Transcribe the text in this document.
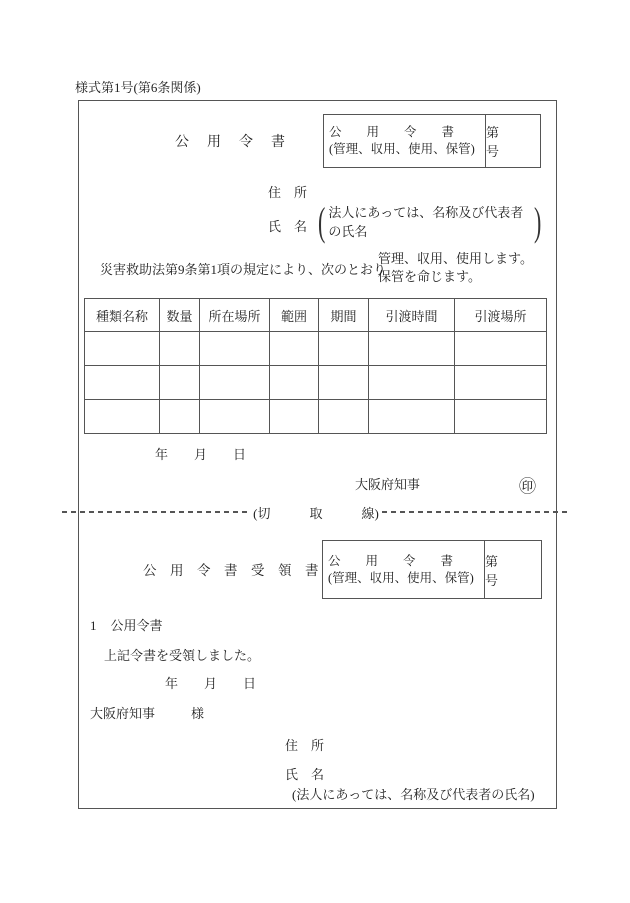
様式第1号(第6条関係)
公　用　令　書
公　　用　　令　　書
(管理、収用、使用、保管)
第　　　号
住　所
氏　名 ( 法人にあっては、名称及び代表者の氏名	)
災害救助法第9条第1項の規定により、次のとおり
管理、収用、使用します。
保管を命じます。
種類名称	数量	所在場所	範囲	期間	引渡時間	引渡場所

年　　月　　日
大阪府知事	㊞
(切　　　取　　　線)
公　用　令　書　受　領　書
公　　用　　令　　書
(管理、収用、使用、保管)
第　　　号
1 公用令書
上記令書を受領しました。
年　　月　　日
大阪府知事	様
住　所
氏　名
(法人にあっては、名称及び代表者の氏名)
